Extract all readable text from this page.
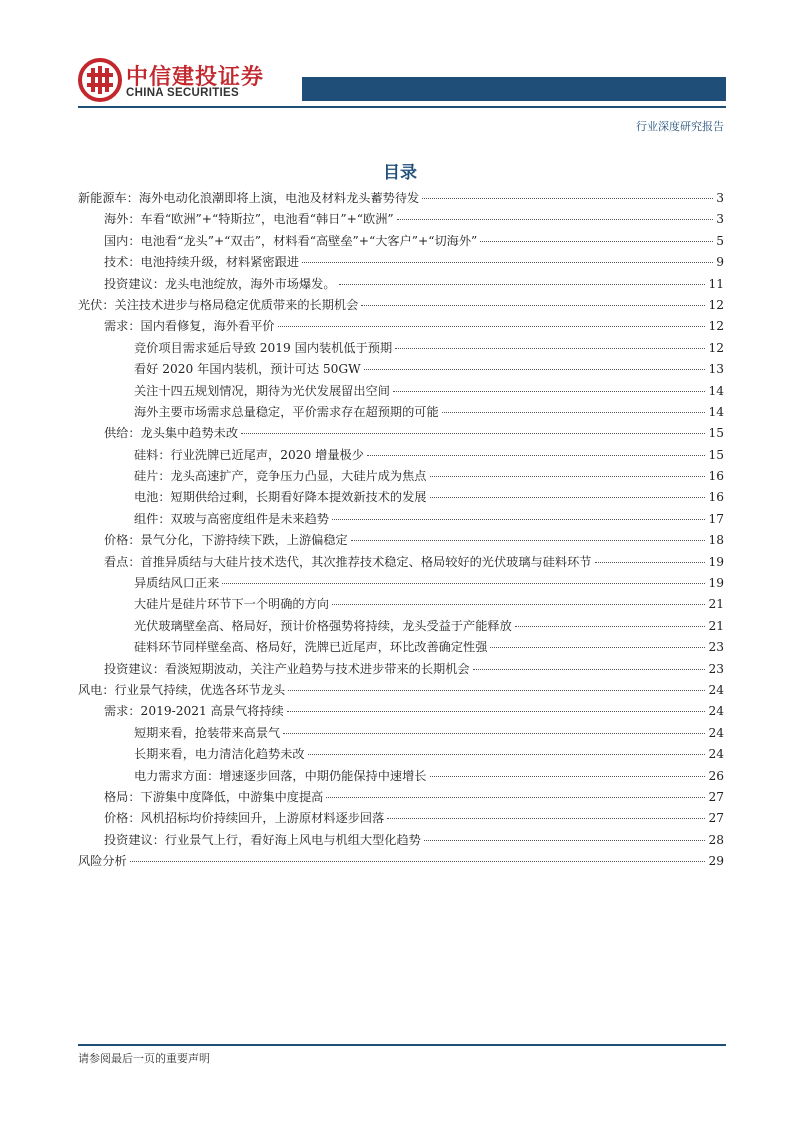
中信建投证券
CHINA SECURITIES
行业深度研究报告
目录
新能源车：海外电动化浪潮即将上演，电池及材料龙头蓄势待发	3
海外：车看“欧洲”+“特斯拉”，电池看“韩日”+“欧洲”	3
国内：电池看“龙头”+“双击”，材料看“高壁垒”+“大客户”+“切海外”	5
技术：电池持续升级，材料紧密跟进	9
投资建议：龙头电池绽放，海外市场爆发。	11
光伏：关注技术进步与格局稳定优质带来的长期机会	12
需求：国内看修复，海外看平价	12
竞价项目需求延后导致 2019 国内装机低于预期	12
看好 2020 年国内装机，预计可达 50GW	13
关注十四五规划情况，期待为光伏发展留出空间	14
海外主要市场需求总量稳定，平价需求存在超预期的可能	14
供给：龙头集中趋势未改	15
硅料：行业洗牌已近尾声，2020 增量极少	15
硅片：龙头高速扩产，竞争压力凸显，大硅片成为焦点	16
电池：短期供给过剩，长期看好降本提效新技术的发展	16
组件：双玻与高密度组件是未来趋势	17
价格：景气分化，下游持续下跌，上游偏稳定	18
看点：首推异质结与大硅片技术迭代，其次推荐技术稳定、格局较好的光伏玻璃与硅料环节	19
异质结风口正来	19
大硅片是硅片环节下一个明确的方向	21
光伏玻璃壁垒高、格局好，预计价格强势将持续，龙头受益于产能释放	21
硅料环节同样壁垒高、格局好，洗牌已近尾声，环比改善确定性强	23
投资建议：看淡短期波动，关注产业趋势与技术进步带来的长期机会	23
风电：行业景气持续，优选各环节龙头	24
需求：2019-2021 高景气将持续	24
短期来看，抢装带来高景气	24
长期来看，电力清洁化趋势未改	24
电力需求方面：增速逐步回落，中期仍能保持中速增长	26
格局：下游集中度降低，中游集中度提高	27
价格：风机招标均价持续回升，上游原材料逐步回落	27
投资建议：行业景气上行，看好海上风电与机组大型化趋势	28
风险分析	29
​
请参阅最后一页的重要声明
